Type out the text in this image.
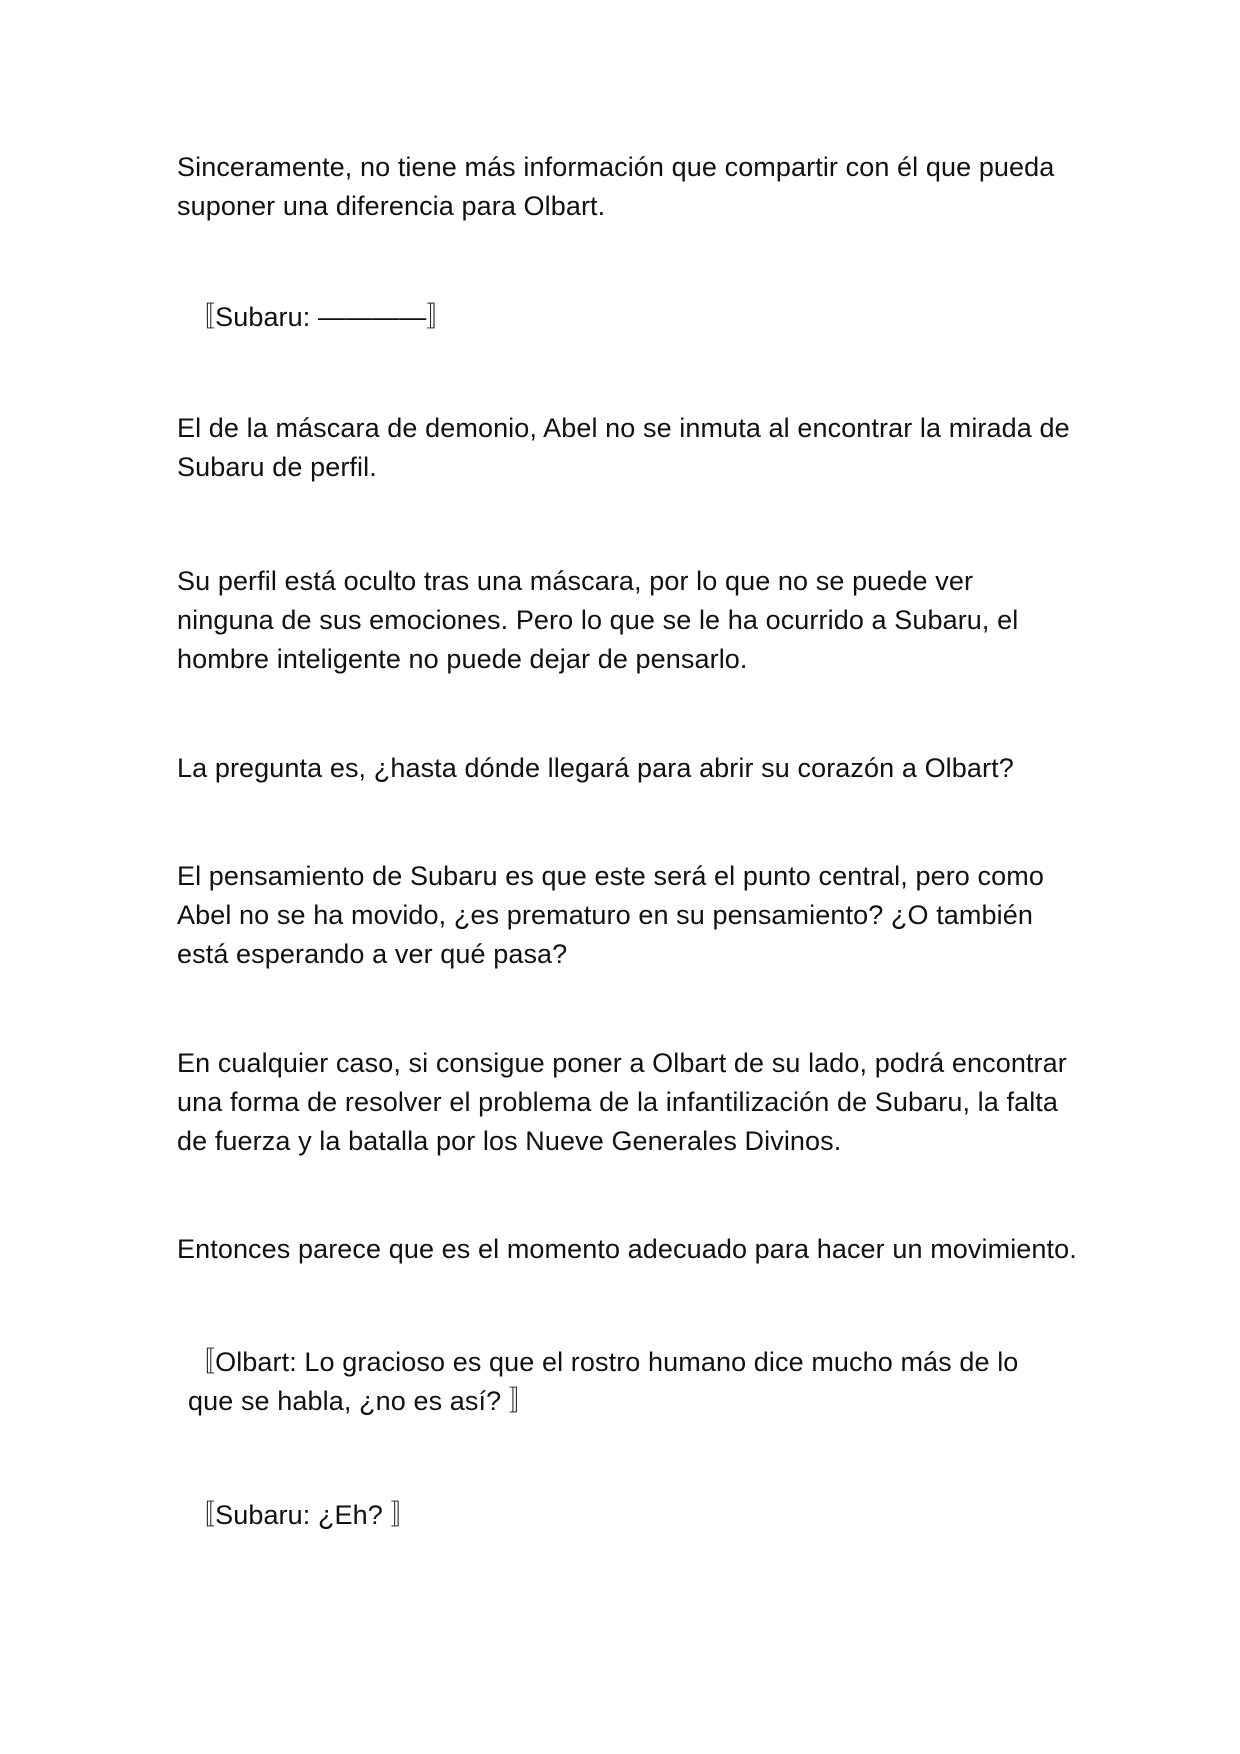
Sinceramente, no tiene más información que compartir con él que pueda suponer una diferencia para Olbart.

〚Subaru: ————〛

El de la máscara de demonio, Abel no se inmuta al encontrar la mirada de Subaru de perfil.

Su perfil está oculto tras una máscara, por lo que no se puede ver ninguna de sus emociones. Pero lo que se le ha ocurrido a Subaru, el hombre inteligente no puede dejar de pensarlo.

La pregunta es, ¿hasta dónde llegará para abrir su corazón a Olbart?

El pensamiento de Subaru es que este será el punto central, pero como Abel no se ha movido, ¿es prematuro en su pensamiento? ¿O también está esperando a ver qué pasa?

En cualquier caso, si consigue poner a Olbart de su lado, podrá encontrar una forma de resolver el problema de la infantilización de Subaru, la falta de fuerza y la batalla por los Nueve Generales Divinos.

Entonces parece que es el momento adecuado para hacer un movimiento.

〚Olbart: Lo gracioso es que el rostro humano dice mucho más de lo que se habla, ¿no es así? 〛

〚Subaru: ¿Eh? 〛
